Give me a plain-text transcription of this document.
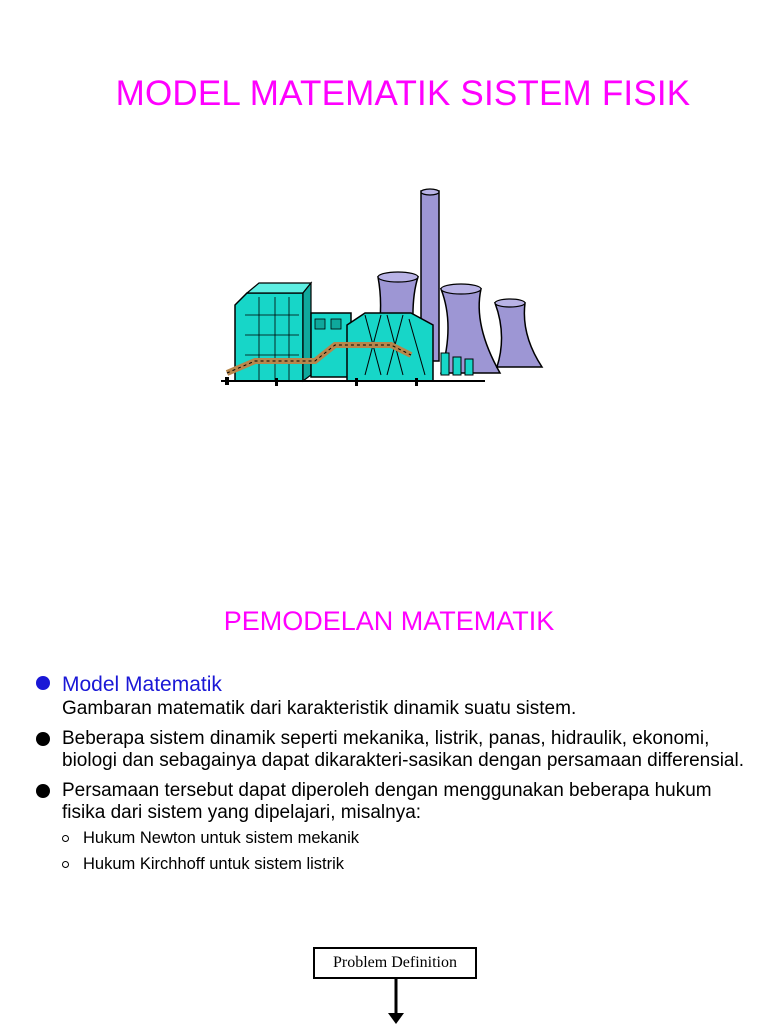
MODEL MATEMATIK SISTEM FISIK
PEMODELAN MATEMATIK
Model Matematik
Gambaran matematik dari karakteristik dinamik suatu sistem.
Beberapa sistem dinamik seperti mekanika, listrik, panas, hidraulik, ekonomi, biologi dan sebagainya dapat dikarakteri-sasikan dengan persamaan differensial.
Persamaan tersebut dapat diperoleh dengan menggunakan beberapa hukum fisika dari sistem yang dipelajari, misalnya:
Hukum Newton untuk sistem mekanik
Hukum Kirchhoff untuk sistem listrik
Problem Definition
